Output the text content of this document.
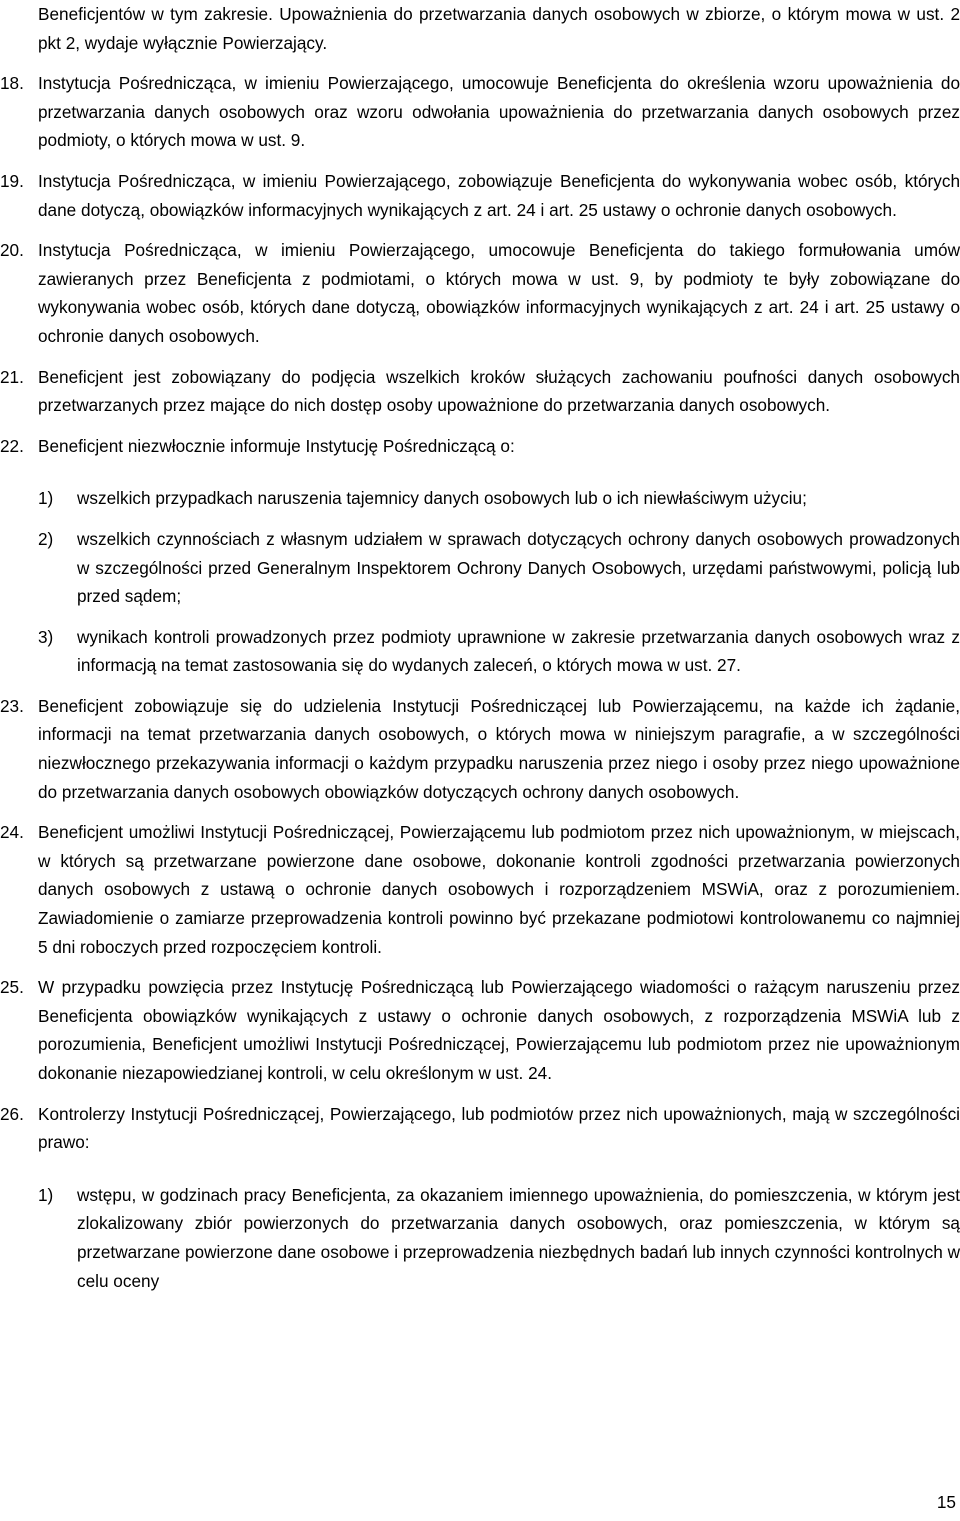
Beneficjentów w tym zakresie. Upoważnienia do przetwarzania danych osobowych w zbiorze, o którym mowa w ust. 2 pkt 2, wydaje wyłącznie Powierzający.
18. Instytucja Pośrednicząca, w imieniu Powierzającego, umocowuje Beneficjenta do określenia wzoru upoważnienia do przetwarzania danych osobowych oraz wzoru odwołania upoważnienia do przetwarzania danych osobowych przez podmioty, o których mowa w ust. 9.
19. Instytucja Pośrednicząca, w imieniu Powierzającego, zobowiązuje Beneficjenta do wykonywania wobec osób, których dane dotyczą, obowiązków informacyjnych wynikających z art. 24 i art. 25 ustawy o ochronie danych osobowych.
20. Instytucja Pośrednicząca, w imieniu Powierzającego, umocowuje Beneficjenta do takiego formułowania umów zawieranych przez Beneficjenta z podmiotami, o których mowa w ust. 9, by podmioty te były zobowiązane do wykonywania wobec osób, których dane dotyczą, obowiązków informacyjnych wynikających z art. 24 i art. 25 ustawy o ochronie danych osobowych.
21. Beneficjent jest zobowiązany do podjęcia wszelkich kroków służących zachowaniu poufności danych osobowych przetwarzanych przez mające do nich dostęp osoby upoważnione do przetwarzania danych osobowych.
22. Beneficjent niezwłocznie informuje Instytucję Pośredniczącą o:
1) wszelkich przypadkach naruszenia tajemnicy danych osobowych lub o ich niewłaściwym użyciu;
2) wszelkich czynnościach z własnym udziałem w sprawach dotyczących ochrony danych osobowych prowadzonych w szczególności przed Generalnym Inspektorem Ochrony Danych Osobowych, urzędami państwowymi, policją lub przed sądem;
3) wynikach kontroli prowadzonych przez podmioty uprawnione w zakresie przetwarzania danych osobowych wraz z informacją na temat zastosowania się do wydanych zaleceń, o których mowa w ust. 27.
23. Beneficjent zobowiązuje się do udzielenia Instytucji Pośredniczącej lub Powierzającemu, na każde ich żądanie, informacji na temat przetwarzania danych osobowych, o których mowa w niniejszym paragrafie, a w szczególności niezwłocznego przekazywania informacji o każdym przypadku naruszenia przez niego i osoby przez niego upoważnione do przetwarzania danych osobowych obowiązków dotyczących ochrony danych osobowych.
24. Beneficjent umożliwi Instytucji Pośredniczącej, Powierzającemu lub podmiotom przez nich upoważnionym, w miejscach, w których są przetwarzane powierzone dane osobowe, dokonanie kontroli zgodności przetwarzania powierzonych danych osobowych z ustawą o ochronie danych osobowych i rozporządzeniem MSWiA, oraz z porozumieniem. Zawiadomienie o zamiarze przeprowadzenia kontroli powinno być przekazane podmiotowi kontrolowanemu co najmniej 5 dni roboczych przed rozpoczęciem kontroli.
25. W przypadku powzięcia przez Instytucję Pośredniczącą lub Powierzającego wiadomości o rażącym naruszeniu przez Beneficjenta obowiązków wynikających z ustawy o ochronie danych osobowych, z rozporządzenia MSWiA lub z porozumienia, Beneficjent umożliwi Instytucji Pośredniczącej, Powierzającemu lub podmiotom przez nie upoważnionym dokonanie niezapowiedzianej kontroli, w celu określonym w ust. 24.
26. Kontrolerzy Instytucji Pośredniczącej, Powierzającego, lub podmiotów przez nich upoważnionych, mają w szczególności prawo:
1) wstępu, w godzinach pracy Beneficjenta, za okazaniem imiennego upoważnienia, do pomieszczenia, w którym jest zlokalizowany zbiór powierzonych do przetwarzania danych osobowych, oraz pomieszczenia, w którym są przetwarzane powierzone dane osobowe i przeprowadzenia niezbędnych badań lub innych czynności kontrolnych w celu oceny
15
